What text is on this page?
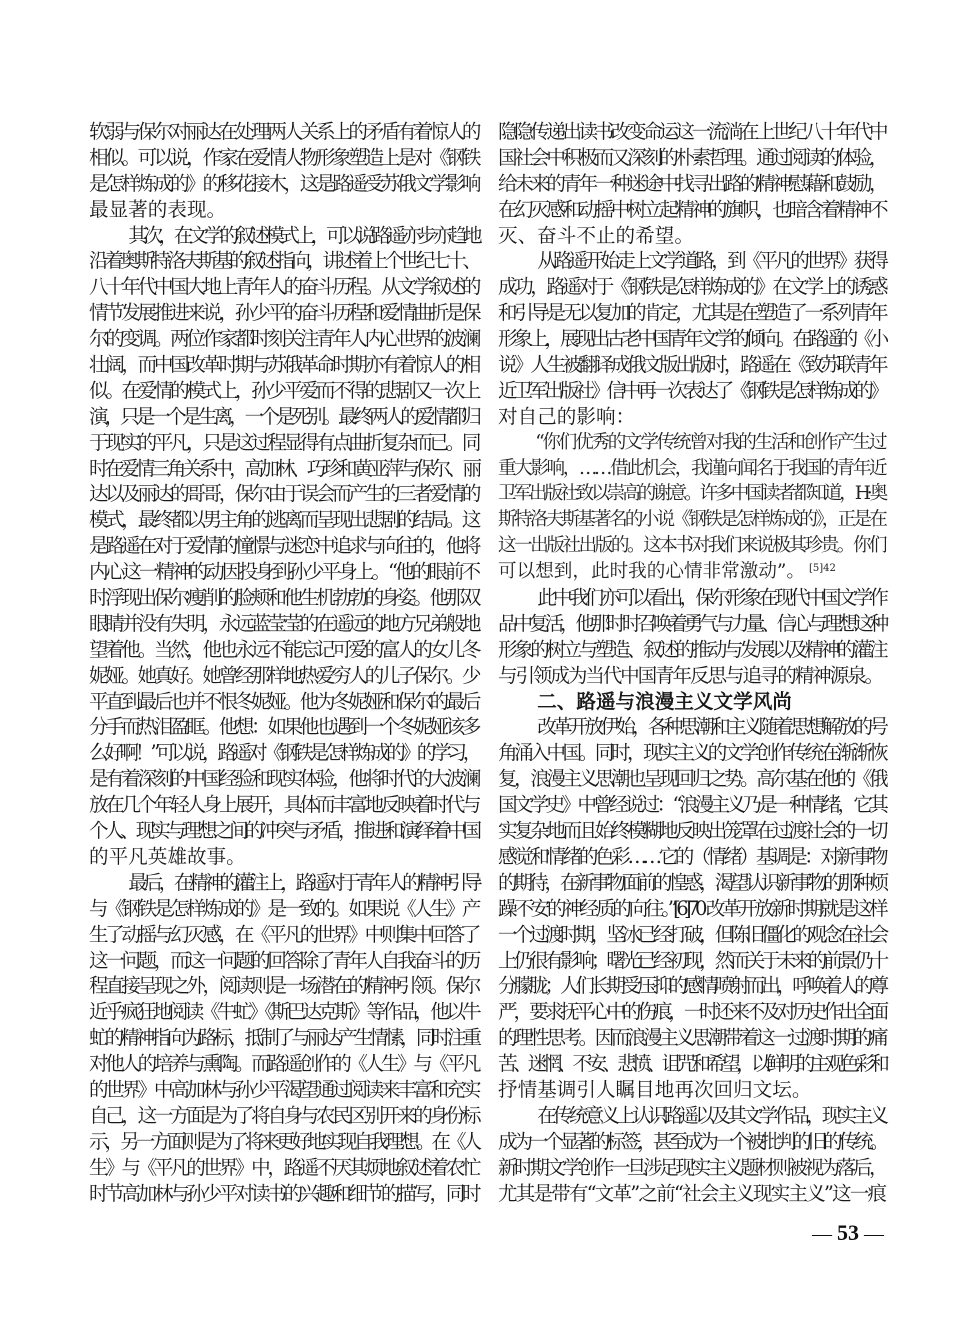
软弱与保尔对丽达在处理两人关系上的矛盾有着惊人的
相似。可以说，作家在爱情人物形象塑造上是对《钢铁
是怎样炼成的》的移花接木，这是路遥受苏俄文学影响
最显著的表现。
其次，在文学的叙述模式上，可以说路遥亦步亦趋地
沿着奥斯特洛夫斯基的叙述指向，讲述着上个世纪七十、
八十年代中国大地上青年人的奋斗历程。从文学叙述的
情节发展推进来说，孙少平的奋斗历程和爱情曲折是保
尔的变调。两位作家都时刻关注青年人内心世界的波澜
壮阔，而中国改革时期与苏俄革命时期亦有着惊人的相
似。在爱情的模式上，孙少平爱而不得的悲剧又一次上
演，只是一个是生离，一个是死别。最终两人的爱情都归
于现实的平凡，只是这过程显得有点曲折复杂而已。同
时在爱情三角关系中，高加林、巧珍和黄亚萍与保尔、丽
达以及丽达的哥哥，保尔由于误会而产生的三者爱情的
模式，最终都以男主角的逃离而呈现出悲剧的结局。这
是路遥在对于爱情的憧憬与迷恋中追求与向往的，他将
内心这一精神的动因投身到孙少平身上。“他的眼前不
时浮现出保尔瘦削的脸颊和他生机勃勃的身姿。他那双
眼睛并没有失明，永远蓝莹莹的在遥远的地方兄弟般地
望着他。当然，他也永远不能忘记可爱的富人的女儿冬
妮娅。她真好。她曾经那样地热爱穷人的儿子保尔。少
平直到最后也并不恨冬妮娅。他为冬妮娅和保尔的最后
分手而热泪盈眶。他想：如果他也遇到一个冬妮娅该多
么好啊！”可以说，路遥对《钢铁是怎样炼成的》的学习，
是有着深刻的中国经验和现实体验，他将时代的大波澜
放在几个年轻人身上展开，具体而丰富地反映着时代与
个人、现实与理想之间的冲突与矛盾，推进和演绎着中国
的平凡英雄故事。
最后，在精神的灌注上，路遥对于青年人的精神引导
与《钢铁是怎样炼成的》是一致的。如果说《人生》产
生了动摇与幻灭感，在《平凡的世界》中则集中回答了
这一问题，而这一问题的回答除了青年人自我奋斗的历
程直接呈现之外，阅读则是一场潜在的精神引领。保尔
近乎疯狂地阅读《牛虻》《斯巴达克斯》等作品，他以牛
虻的精神指向为路标，抵制了与丽达产生情愫，同时注重
对他人的培养与熏陶。而路遥创作的《人生》与《平凡
的世界》中高加林与孙少平渴望通过阅读来丰富和充实
自己，这一方面是为了将自身与农民区别开来的身份标
示，另一方面则是为了将来更好地实现自我理想。在《人
生》与《平凡的世界》中，路遥不厌其烦地叙述着农忙
时节高加林与孙少平对读书的兴趣和细节的描写，同时
隐隐传递出读书改变命运这一流淌在上世纪八十年代中
国社会中积极而又深刻的朴素哲理。通过阅读的体验，
给未来的青年一种迷途中找寻出路的精神慰藉和鼓励，
在幻灭感和动摇中树立起精神的旗帜，也暗含着精神不
灭、奋斗不止的希望。
从路遥开始走上文学道路，到《平凡的世界》获得
成功，路遥对于《钢铁是怎样炼成的》在文学上的诱惑
和引导是无以复加的肯定，尤其是在塑造了一系列青年
形象上，展现出古老中国青年文学的倾向。在路遥的《小
说》人生被翻译成俄文版出版时，路遥在《致苏联青年
近卫军出版社》信中再一次表达了《钢铁是怎样炼成的》
对自己的影响：
“你们优秀的文学传统曾对我的生活和创作产生过
重大影响，……借此机会，我谨向闻名于我国的青年近
卫军出版社致以崇高的谢意。许多中国读者都知道，H·奥
斯特洛夫斯基著名的小说《钢铁是怎样炼成的》，正是在
这一出版社出版的。这本书对我们来说极其珍贵。你们
可以想到，此时我的心情非常激动”。 $^{[5]42}$
此中我们亦可以看出，保尔形象在现代中国文学作
品中复活，他那时时召唤着勇气与力量、信心与理想这种
形象的树立与塑造、叙述的推动与发展以及精神的灌注
与引领成为当代中国青年反思与追寻的精神源泉。
二、路遥与浪漫主义文学风尚
改革开放伊始，各种思潮和主义随着思想解放的号
角涌入中国。同时，现实主义的文学创作传统在渐渐恢
复，浪漫主义思潮也呈现回归之势。高尔基在他的《俄
国文学史》中曾经说过：“浪漫主义乃是一种情绪，它其
实复杂地而且始终模糊地反映出笼罩在过渡社会的一切
感觉和情绪的色彩……它的（情绪）基调是：对新事物
的期待，在新事物面前的惶惑，渴望认识新事物的那种烦
躁不安的神经质的向往。”[6]70 改革开放新时期就是这样
一个过渡时期，坚冰已经打破，但陈旧僵化的观念在社会
上仍很有影响；曙光已经初现，然而关于未来的前景仍十
分朦胧；人们长期受压抑的感情喷射而出，呼唤着人的尊
严，要求抚平心中的伤痕，一时还来不及对历史作出全面
的理性思考。因而浪漫主义思潮带着这一过渡时期的痛
苦、迷惘、不安、悲愤、诅咒和希望，以鲜明的主观色彩和
抒情基调引人瞩目地再次回归文坛。
在传统意义上认识路遥以及其文学作品，现实主义
成为一个显著的标签，甚至成为一个被批判的旧的传统。
新时期文学创作一旦涉足现实主义题材则被视为落后，
尤其是带有“文革”之前“社会主义现实主义”这一痕
— 53 —
